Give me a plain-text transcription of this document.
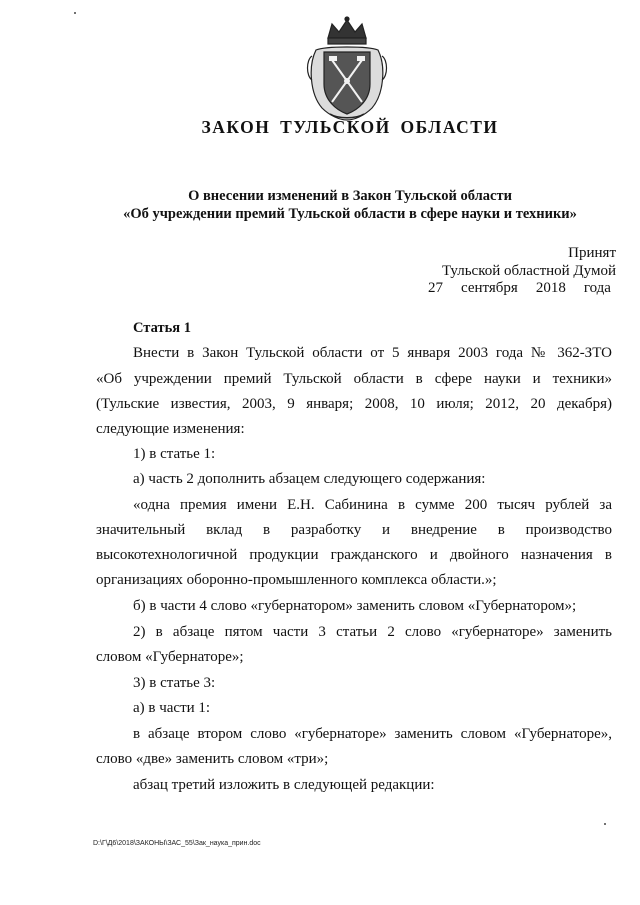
ЗАКОН ТУЛЬСКОЙ ОБЛАСТИ
О внесении изменений в Закон Тульской области
«Об учреждении премий Тульской области в сфере науки и техники»
Принят
Тульской областной Думой
27 сентября 2018 года
Статья 1
Внести в Закон Тульской области от 5 января 2003 года № 362-ЗТО
«Об учреждении премий Тульской области в сфере науки и техники»
(Тульские известия, 2003, 9 января; 2008, 10 июля; 2012, 20 декабря)
следующие изменения:
1) в статье 1:
а) часть 2 дополнить абзацем следующего содержания:
«одна премия имени Е.Н. Сабинина в сумме 200 тысяч рублей за
значительный вклад в разработку и внедрение в производство
высокотехнологичной продукции гражданского и двойного назначения в
организациях оборонно-промышленного комплекса области.»;
б) в части 4 слово «губернатором» заменить словом «Губернатором»;
2) в абзаце пятом части 3 статьи 2 слово «губернаторе» заменить
словом «Губернаторе»;
3) в статье 3:
а) в части 1:
в абзаце втором слово «губернаторе» заменить словом «Губернаторе»,
слово «две» заменить словом «три»;
абзац третий изложить в следующей редакции:
D:\Г\Д6\2018\ЗАКОНЫ\ЗАС_55\Зак_наука_прин.doc
